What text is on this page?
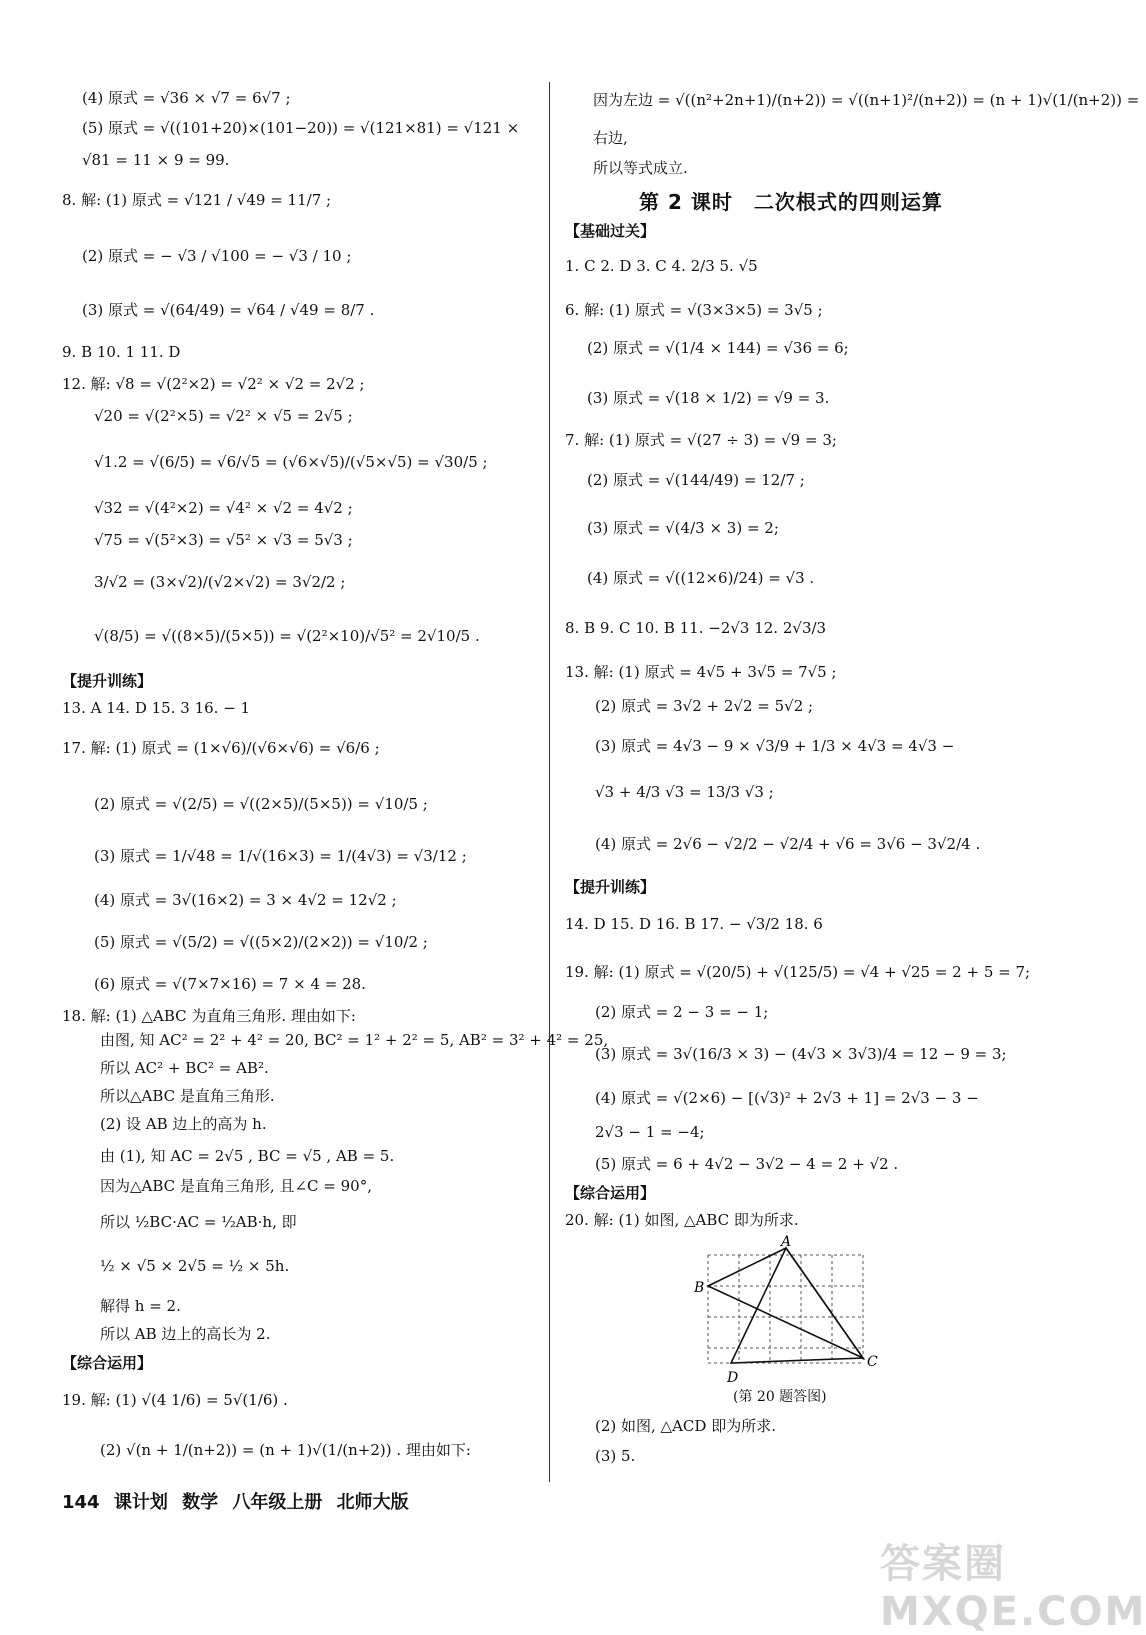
(4) 原式 = √36 × √7 = 6√7 ;
(5) 原式 = √((101+20)×(101−20)) = √(121×81) = √121 ×
√81 = 11 × 9 = 99.
8. 解: (1) 原式 = √121 / √49 = 11/7 ;
(2) 原式 = − √3 / √100 = − √3 / 10 ;
(3) 原式 = √(64/49) = √64 / √49 = 8/7 .
9. B 10. 1 11. D
12. 解: √8 = √(2²×2) = √2² × √2 = 2√2 ;
√20 = √(2²×5) = √2² × √5 = 2√5 ;
√1.2 = √(6/5) = √6/√5 = (√6×√5)/(√5×√5) = √30/5 ;
√32 = √(4²×2) = √4² × √2 = 4√2 ;
√75 = √(5²×3) = √5² × √3 = 5√3 ;
3/√2 = (3×√2)/(√2×√2) = 3√2/2 ;
√(8/5) = √((8×5)/(5×5)) = √(2²×10)/√5² = 2√10/5 .
【提升训练】
13. A 14. D 15. 3 16. − 1
17. 解: (1) 原式 = (1×√6)/(√6×√6) = √6/6 ;
(2) 原式 = √(2/5) = √((2×5)/(5×5)) = √10/5 ;
(3) 原式 = 1/√48 = 1/√(16×3) = 1/(4√3) = √3/12 ;
(4) 原式 = 3√(16×2) = 3 × 4√2 = 12√2 ;
(5) 原式 = √(5/2) = √((5×2)/(2×2)) = √10/2 ;
(6) 原式 = √(7×7×16) = 7 × 4 = 28.
18. 解: (1) △ABC 为直角三角形. 理由如下:
由图, 知 AC² = 2² + 4² = 20, BC² = 1² + 2² = 5, AB² = 3² + 4² = 25,
所以 AC² + BC² = AB².
所以△ABC 是直角三角形.
(2) 设 AB 边上的高为 h.
由 (1), 知 AC = 2√5 , BC = √5 , AB = 5.
因为△ABC 是直角三角形, 且∠C = 90°,
所以 ½BC·AC = ½AB·h, 即
½ × √5 × 2√5 = ½ × 5h.
解得 h = 2.
所以 AB 边上的高长为 2.
【综合运用】
19. 解: (1) √(4 1/6) = 5√(1/6) .
(2) √(n + 1/(n+2)) = (n + 1)√(1/(n+2)) . 理由如下:
因为左边 = √((n²+2n+1)/(n+2)) = √((n+1)²/(n+2)) = (n + 1)√(1/(n+2)) =
右边,
所以等式成立.
第 2 课时　二次根式的四则运算
【基础过关】
1. C 2. D 3. C 4. 2/3 5. √5
6. 解: (1) 原式 = √(3×3×5) = 3√5 ;
(2) 原式 = √(1/4 × 144) = √36 = 6;
(3) 原式 = √(18 × 1/2) = √9 = 3.
7. 解: (1) 原式 = √(27 ÷ 3) = √9 = 3;
(2) 原式 = √(144/49) = 12/7 ;
(3) 原式 = √(4/3 × 3) = 2;
(4) 原式 = √((12×6)/24) = √3 .
8. B 9. C 10. B 11. −2√3 12. 2√3/3
13. 解: (1) 原式 = 4√5 + 3√5 = 7√5 ;
(2) 原式 = 3√2 + 2√2 = 5√2 ;
(3) 原式 = 4√3 − 9 × √3/9 + 1/3 × 4√3 = 4√3 −
√3 + 4/3 √3 = 13/3 √3 ;
(4) 原式 = 2√6 − √2/2 − √2/4 + √6 = 3√6 − 3√2/4 .
【提升训练】
14. D 15. D 16. B 17. − √3/2 18. 6
19. 解: (1) 原式 = √(20/5) + √(125/5) = √4 + √25 = 2 + 5 = 7;
(2) 原式 = 2 − 3 = − 1;
(3) 原式 = 3√(16/3 × 3) − (4√3 × 3√3)/4 = 12 − 9 = 3;
(4) 原式 = √(2×6) − [(√3)² + 2√3 + 1] = 2√3 − 3 −
2√3 − 1 = −4;
(5) 原式 = 6 + 4√2 − 3√2 − 4 = 2 + √2 .
【综合运用】
20. 解: (1) 如图, △ABC 即为所求.
A
B
C
D
(第 20 题答图)
(2) 如图, △ACD 即为所求.
(3) 5.
144 课计划 数学 八年级上册 北师大版
答案圈 MXQE.COM
